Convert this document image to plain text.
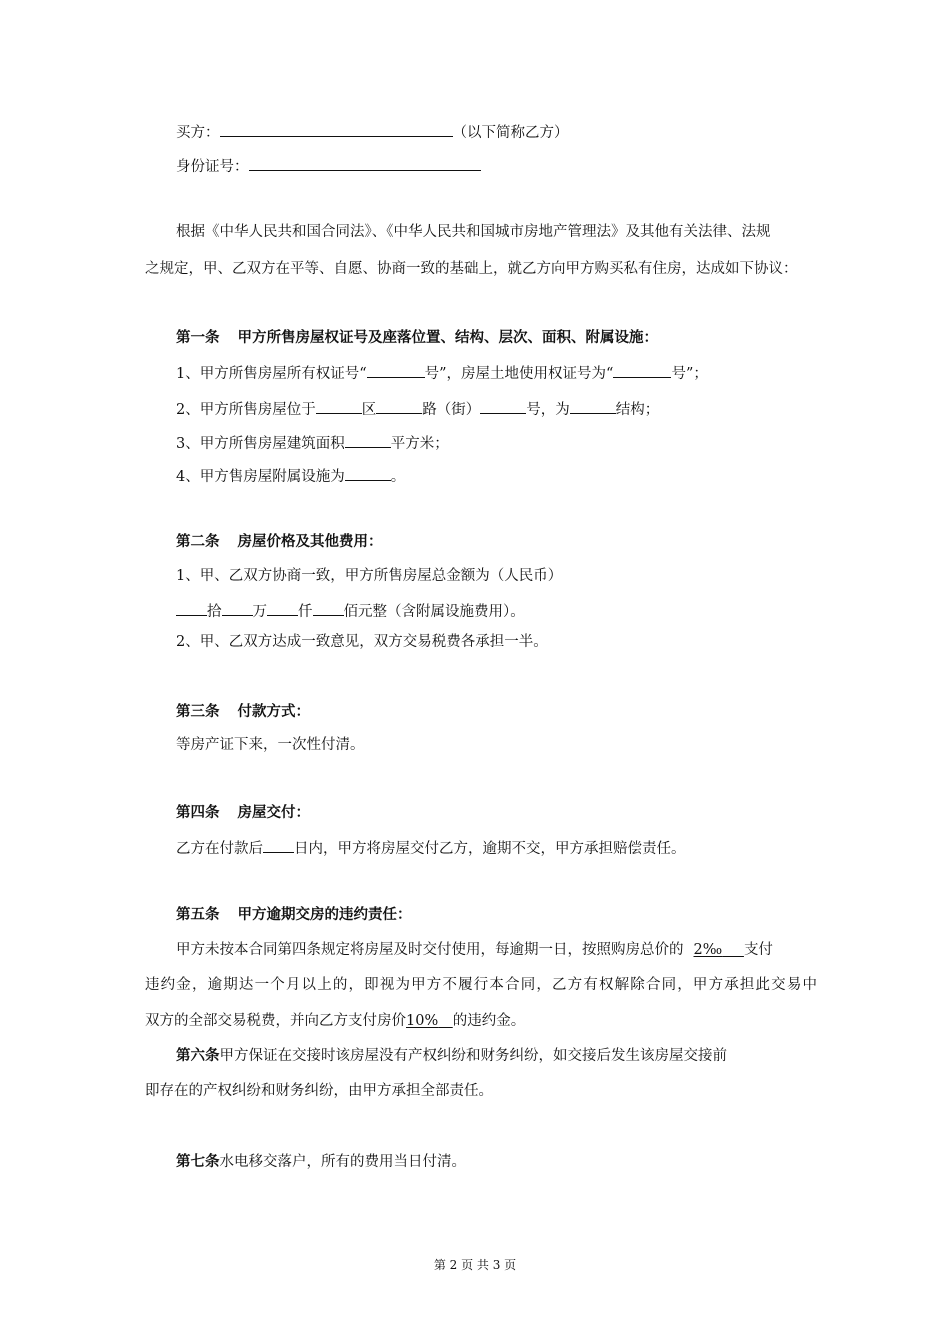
买方：	（以下简称乙方）
身份证号：
根据《中华人民共和国合同法》、《中华人民共和国城市房地产管理法》及其他有关法律、法规
之规定，甲、乙双方在平等、自愿、协商一致的基础上，就乙方向甲方购买私有住房，达成如下协议：
第一条 甲方所售房屋权证号及座落位置、结构、层次、面积、附属设施：
1、甲方所售房屋所有权证号“	号”，房屋土地使用权证号为“	号”；
2、甲方所售房屋位于	区	路（街）	号，为	结构；
3、甲方所售房屋建筑面积	平方米；
4、甲方售房屋附属设施为	。
第二条 房屋价格及其他费用：
1、甲、乙双方协商一致，甲方所售房屋总金额为（人民币）
拾 万 仟 佰元整（含附属设施费用）。
2、甲、乙双方达成一致意见，双方交易税费各承担一半。
第三条 付款方式：
等房产证下来，一次性付清。
第四条 房屋交付：
乙方在付款后 日内，甲方将房屋交付乙方，逾期不交，甲方承担赔偿责任。
第五条 甲方逾期交房的违约责任：
甲方未按本合同第四条规定将房屋及时交付使用，每逾期一日，按照购房总价的 2‰   支付
违约金，逾期达一个月以上的，即视为甲方不履行本合同，乙方有权解除合同，甲方承担此交易中
双方的全部交易税费，并向乙方支付房价10%   的违约金。
第六条甲方保证在交接时该房屋没有产权纠纷和财务纠纷，如交接后发生该房屋交接前
即存在的产权纠纷和财务纠纷，由甲方承担全部责任。
第七条水电移交落户，所有的费用当日付清。
第 2 页 共 3 页
